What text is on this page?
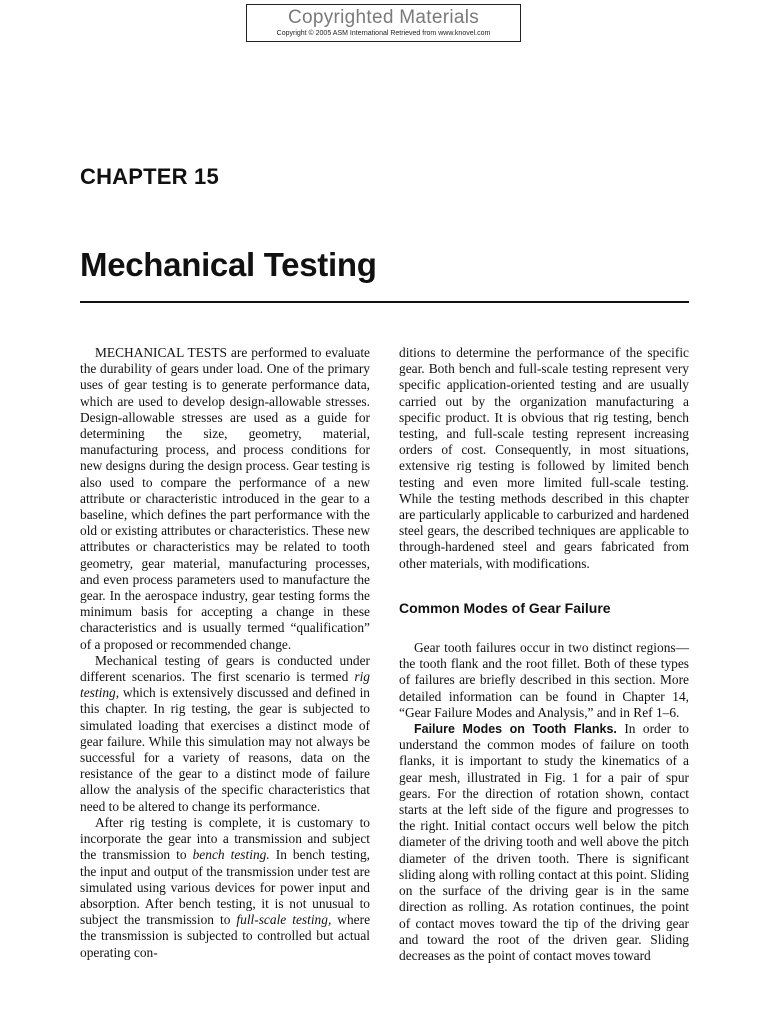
Copyrighted Materials
Copyright © 2005 ASM International Retrieved from www.knovel.com
CHAPTER 15
Mechanical Testing

MECHANICAL TESTS are performed to evaluate the durability of gears under load. One of the primary uses of gear testing is to generate performance data, which are used to develop design-allowable stresses. Design-allowable stresses are used as a guide for determining the size, geometry, material, manufacturing process, and process conditions for new designs during the design process. Gear testing is also used to compare the performance of a new attribute or characteristic introduced in the gear to a baseline, which defines the part performance with the old or existing attributes or characteristics. These new attributes or characteristics may be related to tooth geometry, gear material, manufacturing processes, and even process parameters used to manufacture the gear. In the aerospace industry, gear testing forms the minimum basis for accepting a change in these characteristics and is usually termed “qualification” of a proposed or recommended change.

Mechanical testing of gears is conducted under different scenarios. The first scenario is termed rig testing, which is extensively discussed and defined in this chapter. In rig testing, the gear is subjected to simulated loading that exercises a distinct mode of gear failure. While this simulation may not always be successful for a variety of reasons, data on the resistance of the gear to a distinct mode of failure allow the analysis of the specific characteristics that need to be altered to change its performance.

After rig testing is complete, it is customary to incorporate the gear into a transmission and subject the transmission to bench testing. In bench testing, the input and output of the transmission under test are simulated using various devices for power input and absorption. After bench testing, it is not unusual to subject the transmission to full-scale testing, where the transmission is subjected to controlled but actual operating con-

ditions to determine the performance of the specific gear. Both bench and full-scale testing represent very specific application-oriented testing and are usually carried out by the organization manufacturing a specific product. It is obvious that rig testing, bench testing, and full-scale testing represent increasing orders of cost. Consequently, in most situations, extensive rig testing is followed by limited bench testing and even more limited full-scale testing. While the testing methods described in this chapter are particularly applicable to carburized and hardened steel gears, the described techniques are applicable to through-hardened steel and gears fabricated from other materials, with modifications.

Common Modes of Gear Failure

Gear tooth failures occur in two distinct regions—the tooth flank and the root fillet. Both of these types of failures are briefly described in this section. More detailed information can be found in Chapter 14, “Gear Failure Modes and Analysis,” and in Ref 1–6.

Failure Modes on Tooth Flanks. In order to understand the common modes of failure on tooth flanks, it is important to study the kinematics of a gear mesh, illustrated in Fig. 1 for a pair of spur gears. For the direction of rotation shown, contact starts at the left side of the figure and progresses to the right. Initial contact occurs well below the pitch diameter of the driving tooth and well above the pitch diameter of the driven tooth. There is significant sliding along with rolling contact at this point. Sliding on the surface of the driving gear is in the same direction as rolling. As rotation continues, the point of contact moves toward the tip of the driving gear and toward the root of the driven gear. Sliding decreases as the point of contact moves toward
